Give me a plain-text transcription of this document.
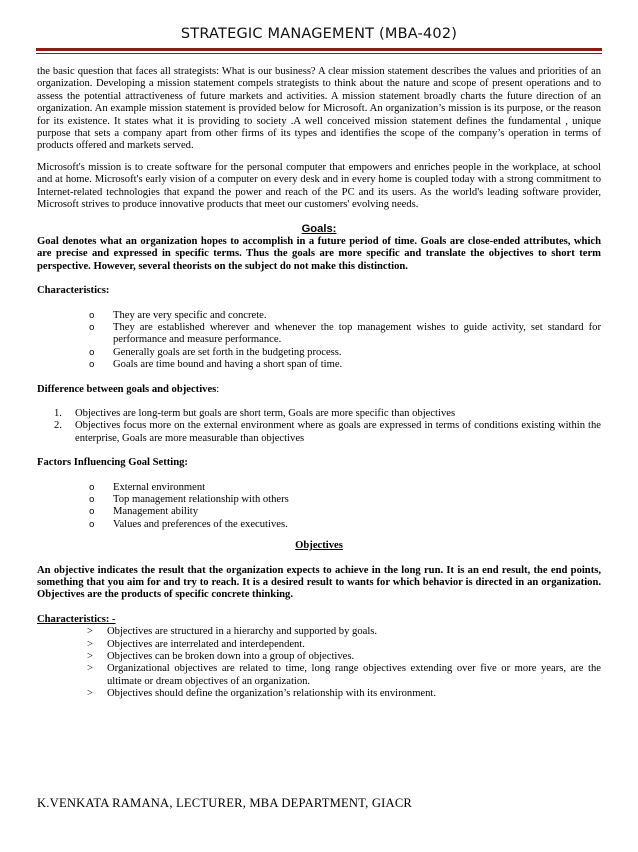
STRATEGIC MANAGEMENT (MBA-402)

the basic question that faces all strategists: What is our business? A clear mission statement describes the values and priorities of an organization. Developing a mission statement compels strategists to think about the nature and scope of present operations and to assess the potential attractiveness of future markets and activities. A mission statement broadly charts the future direction of an organization. An example mission statement is provided below for Microsoft. An organization’s mission is its purpose, or the reason for its existence. It states what it is providing to society .A well conceived mission statement defines the fundamental , unique purpose that sets a company apart from other firms of its types and identifies the scope of the company’s operation in terms of products offered and markets served.

Microsoft's mission is to create software for the personal computer that empowers and enriches people in the workplace, at school and at home. Microsoft's early vision of a computer on every desk and in every home is coupled today with a strong commitment to Internet-related technologies that expand the power and reach of the PC and its users. As the world's leading software provider, Microsoft strives to produce innovative products that meet our customers' evolving needs.

Goals:

Goal denotes what an organization hopes to accomplish in a future period of time. Goals are close-ended attributes, which are precise and expressed in specific terms. Thus the goals are more specific and translate the objectives to short term perspective. However, several theorists on the subject do not make this distinction.

Characteristics:

o They are very specific and concrete.
o They are established wherever and whenever the top management wishes to guide activity, set standard for performance and measure performance.
o Generally goals are set forth in the budgeting process.
o Goals are time bound and having a short span of time.

Difference between goals and objectives:

1. Objectives are long-term but goals are short term, Goals are more specific than objectives
2. Objectives focus more on the external environment where as goals are expressed in terms of conditions existing within the enterprise, Goals are more measurable than objectives

Factors Influencing Goal Setting:

o External environment
o Top management relationship with others
o Management ability
o Values and preferences of the executives.
Objectives

An objective indicates the result that the organization expects to achieve in the long run. It is an end result, the end points, something that you aim for and try to reach. It is a desired result to wants for which behavior is directed in an organization. Objectives are the products of specific concrete thinking.

Characteristics: -

> Objectives are structured in a hierarchy and supported by goals.
> Objectives are interrelated and interdependent.
> Objectives can be broken down into a group of objectives.
> Organizational objectives are related to time, long range objectives extending over five or more years, are the ultimate or dream objectives of an organization.
> Objectives should define the organization’s relationship with its environment.
K.VENKATA RAMANA, LECTURER, MBA DEPARTMENT, GIACR
